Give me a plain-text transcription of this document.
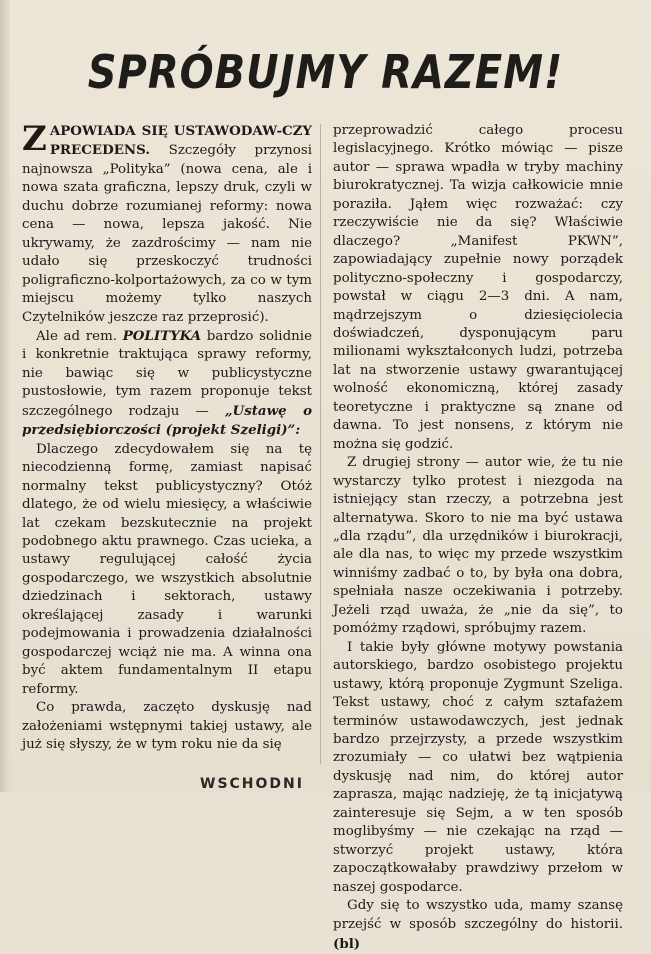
SPRÓBUJMY RAZEM!

ZAPOWIADA SIĘ USTAWODAW-CZY PRECEDENS. Szczegóły przynosi najnowsza „Polityka” (nowa cena, ale i nowa szata graficzna, lepszy druk, czyli w duchu dobrze rozumianej reformy: nowa cena — nowa, lepsza jakość. Nie ukrywamy, że zazdrościmy — nam nie udało się przeskoczyć trudności poligraficzno-kolportażowych, za co w tym miejscu możemy tylko naszych Czytelników jeszcze raz przeprosić).

Ale ad rem. POLITYKA bardzo solidnie i konkretnie traktująca sprawy reformy, nie bawiąc się w publicystyczne pustosłowie, tym razem proponuje tekst szczególnego rodzaju — „Ustawę o przedsiębiorczości (projekt Szeligi)”:

Dlaczego zdecydowałem się na tę niecodzienną formę, zamiast napisać normalny tekst publicystyczny? Otóż dlatego, że od wielu miesięcy, a właściwie lat czekam bezskutecznie na projekt podobnego aktu prawnego. Czas ucieka, a ustawy regulującej całość życia gospodarczego, we wszystkich absolutnie dziedzinach i sektorach, ustawy określającej zasady i warunki podejmowania i prowadzenia działalności gospodarczej wciąż nie ma. A winna ona być aktem fundamentalnym II etapu reformy.

Co prawda, zaczęto dyskusję nad założeniami wstępnymi takiej ustawy, ale już się słyszy, że w tym roku nie da się

przeprowadzić całego procesu legislacyjnego. Krótko mówiąc — pisze autor — sprawa wpadła w tryby machiny biurokratycznej. Ta wizja całkowicie mnie poraziła. Jąłem więc rozważać: czy rzeczywiście nie da się? Właściwie dlaczego? „Manifest PKWN”, zapowiadający zupełnie nowy porządek polityczno-społeczny i gospodarczy, powstał w ciągu 2—3 dni. A nam, mądrzejszym o dziesięciolecia doświadczeń, dysponującym paru milionami wykształconych ludzi, potrzeba lat na stworzenie ustawy gwarantującej wolność ekonomiczną, której zasady teoretyczne i praktyczne są znane od dawna. To jest nonsens, z którym nie można się godzić.

Z drugiej strony — autor wie, że tu nie wystarczy tylko protest i niezgoda na istniejący stan rzeczy, a potrzebna jest alternatywa. Skoro to nie ma być ustawa „dla rządu”, dla urzędników i biurokracji, ale dla nas, to więc my przede wszystkim winniśmy zadbać o to, by była ona dobra, spełniała nasze oczekiwania i potrzeby. Jeżeli rząd uważa, że „nie da się”, to pomóżmy rządowi, spróbujmy razem.

I takie były główne motywy powstania autorskiego, bardzo osobistego projektu ustawy, którą proponuje Zygmunt Szeliga. Tekst ustawy, choć z całym sztafażem terminów ustawodawczych, jest jednak bardzo przejrzysty, a przede wszystkim zrozumiały — co ułatwi bez wątpienia dyskusję nad nim, do której autor zaprasza, mając nadzieję, że tą inicjatywą zainteresuje się Sejm, a w ten sposób moglibyśmy — nie czekając na rząd — stworzyć projekt ustawy, która zapoczątkowałaby prawdziwy przełom w naszej gospodarce.

Gdy się to wszystko uda, mamy szansę przejść w sposób szczególny do historii. (bl)

WSCHODNI
